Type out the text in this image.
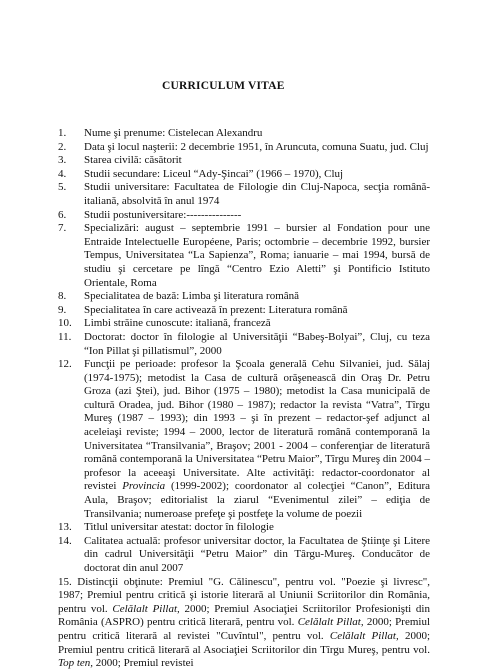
CURRICULUM VITAE
1. Nume şi prenume: Cistelecan Alexandru
2. Data şi locul naşterii: 2 decembrie 1951, în Aruncuta, comuna Suatu, jud. Cluj
3. Starea civilă: căsătorit
4. Studii secundare: Liceul “Ady-Şincai” (1966 – 1970), Cluj
5. Studii universitare: Facultatea de Filologie din Cluj-Napoca, secţia română-italiană, absolvită în anul 1974
6. Studii postuniversitare:---------------
7. Specializări: august – septembrie 1991 – bursier al Fondation pour une Entraide Intelectuelle Européene, Paris; octombrie – decembrie 1992, bursier Tempus, Universitatea “La Sapienza”, Roma; ianuarie – mai 1994, bursă de studiu şi cercetare pe lîngă “Centro Ezio Aletti” şi Pontificio Istituto Orientale, Roma
8. Specialitatea de bază: Limba şi literatura română
9. Specialitatea în care activează în prezent: Literatura română
10. Limbi străine cunoscute: italiană, franceză
11. Doctorat: doctor în filologie al Universităţii “Babeş-Bolyai”, Cluj, cu teza “Ion Pillat şi pillatismul”, 2000
12. Funcţii pe perioade: profesor la Şcoala generală Cehu Silvaniei, jud. Sălaj (1974-1975); metodist la Casa de cultură orăşenească din Oraş Dr. Petru Groza (azi Ştei), jud. Bihor (1975 – 1980); metodist la Casa municipală de cultură Oradea, jud. Bihor (1980 – 1987); redactor la revista “Vatra”, Tîrgu Mureş (1987 – 1993); din 1993 – şi în prezent – redactor-şef adjunct al aceleiaşi reviste; 1994 – 2000, lector de literatură română contemporană la Universitatea “Transilvania”, Braşov; 2001 - 2004 – conferenţiar de literatură română contemporană la Universitatea “Petru Maior”, Tîrgu Mureş din 2004 – profesor la aceeaşi Universitate. Alte activităţi: redactor-coordonator al revistei Provincia (1999-2002); coordonator al colecţiei “Canon”, Editura Aula, Braşov; editorialist la ziarul “Evenimentul zilei” – ediţia de Transilvania; numeroase prefeţe şi postfeţe la volume de poezii
13. Titlul universitar atestat: doctor în filologie
14. Calitatea actuală: profesor universitar doctor, la Facultatea de Ştiinţe şi Litere din cadrul Universităţii “Petru Maior” din Târgu-Mureş. Conducător de doctorat din anul 2007
15. Distincţii obţinute: Premiul "G. Călinescu", pentru vol. "Poezie şi livresc", 1987; Premiul pentru critică şi istorie literară al Uniunii Scriitorilor din România, pentru vol. Celălalt Pillat, 2000; Premiul Asociaţiei Scriitorilor Profesionişti din România (ASPRO) pentru critică literară, pentru vol. Celălalt Pillat, 2000; Premiul pentru critică literară al revistei "Cuvîntul", pentru vol. Celălalt Pillat, 2000; Premiul pentru critică literară al Asociaţiei Scriitorilor din Tîrgu Mureş, pentru vol. Top ten, 2000; Premiul revistei
